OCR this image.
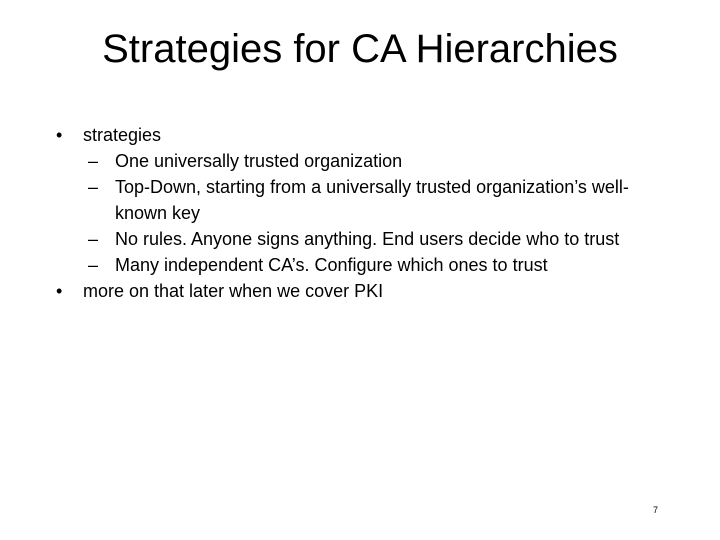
Strategies for CA Hierarchies
• strategies
– One universally trusted organization
– Top-Down, starting from a universally trusted organization’s well-known key
– No rules. Anyone signs anything. End users decide who to trust
– Many independent CA’s. Configure which ones to trust
• more on that later when we cover PKI
7
